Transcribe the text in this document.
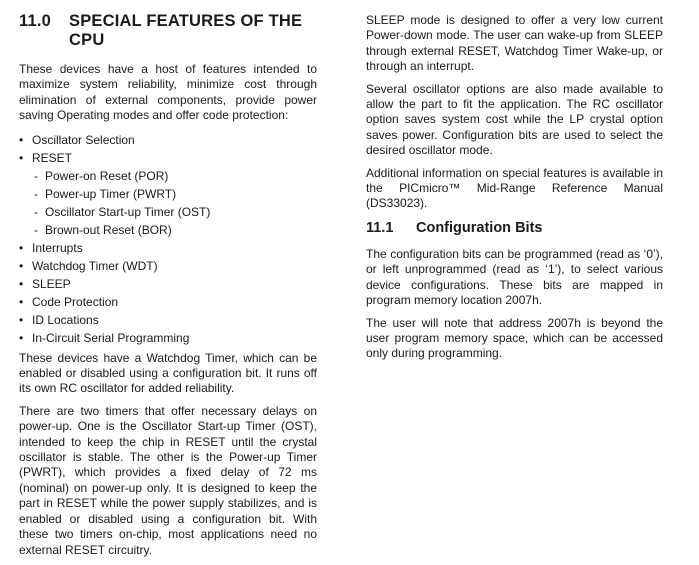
11.0	SPECIAL FEATURES OF THE CPU

These devices have a host of features intended to maximize system reliability, minimize cost through elimination of external components, provide power saving Operating modes and offer code protection:

• Oscillator Selection
• RESET
- Power-on Reset (POR)
- Power-up Timer (PWRT)
- Oscillator Start-up Timer (OST)
- Brown-out Reset (BOR)
• Interrupts
• Watchdog Timer (WDT)
• SLEEP
• Code Protection
• ID Locations
• In-Circuit Serial Programming

These devices have a Watchdog Timer, which can be enabled or disabled using a configuration bit. It runs off its own RC oscillator for added reliability.

There are two timers that offer necessary delays on power-up. One is the Oscillator Start-up Timer (OST), intended to keep the chip in RESET until the crystal oscillator is stable. The other is the Power-up Timer (PWRT), which provides a fixed delay of 72 ms (nominal) on power-up only. It is designed to keep the part in RESET while the power supply stabilizes, and is enabled or disabled using a configuration bit. With these two timers on-chip, most applications need no external RESET circuitry.

SLEEP mode is designed to offer a very low current Power-down mode. The user can wake-up from SLEEP through external RESET, Watchdog Timer Wake-up, or through an interrupt.

Several oscillator options are also made available to allow the part to fit the application. The RC oscillator option saves system cost while the LP crystal option saves power. Configuration bits are used to select the desired oscillator mode.

Additional information on special features is available in the PICmicro™ Mid-Range Reference Manual (DS33023).

11.1	Configuration Bits

The configuration bits can be programmed (read as ‘0’), or left unprogrammed (read as ‘1’), to select various device configurations. These bits are mapped in program memory location 2007h.

The user will note that address 2007h is beyond the user program memory space, which can be accessed only during programming.
